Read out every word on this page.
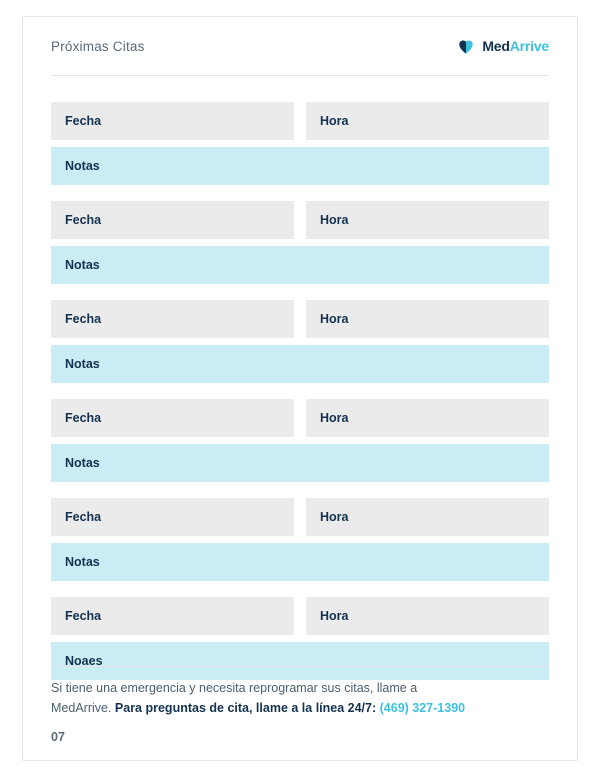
Próximas Citas	MedArrive
Fecha	Hora
Notas
Fecha	Hora
Notas
Fecha	Hora
Notas
Fecha	Hora
Notas
Fecha	Hora
Notas
Fecha	Hora
Noaes
Si tiene una emergencia y necesita reprogramar sus citas, llame a
MedArrive. Para preguntas de cita, llame a la línea 24/7: (469) 327-1390
07
